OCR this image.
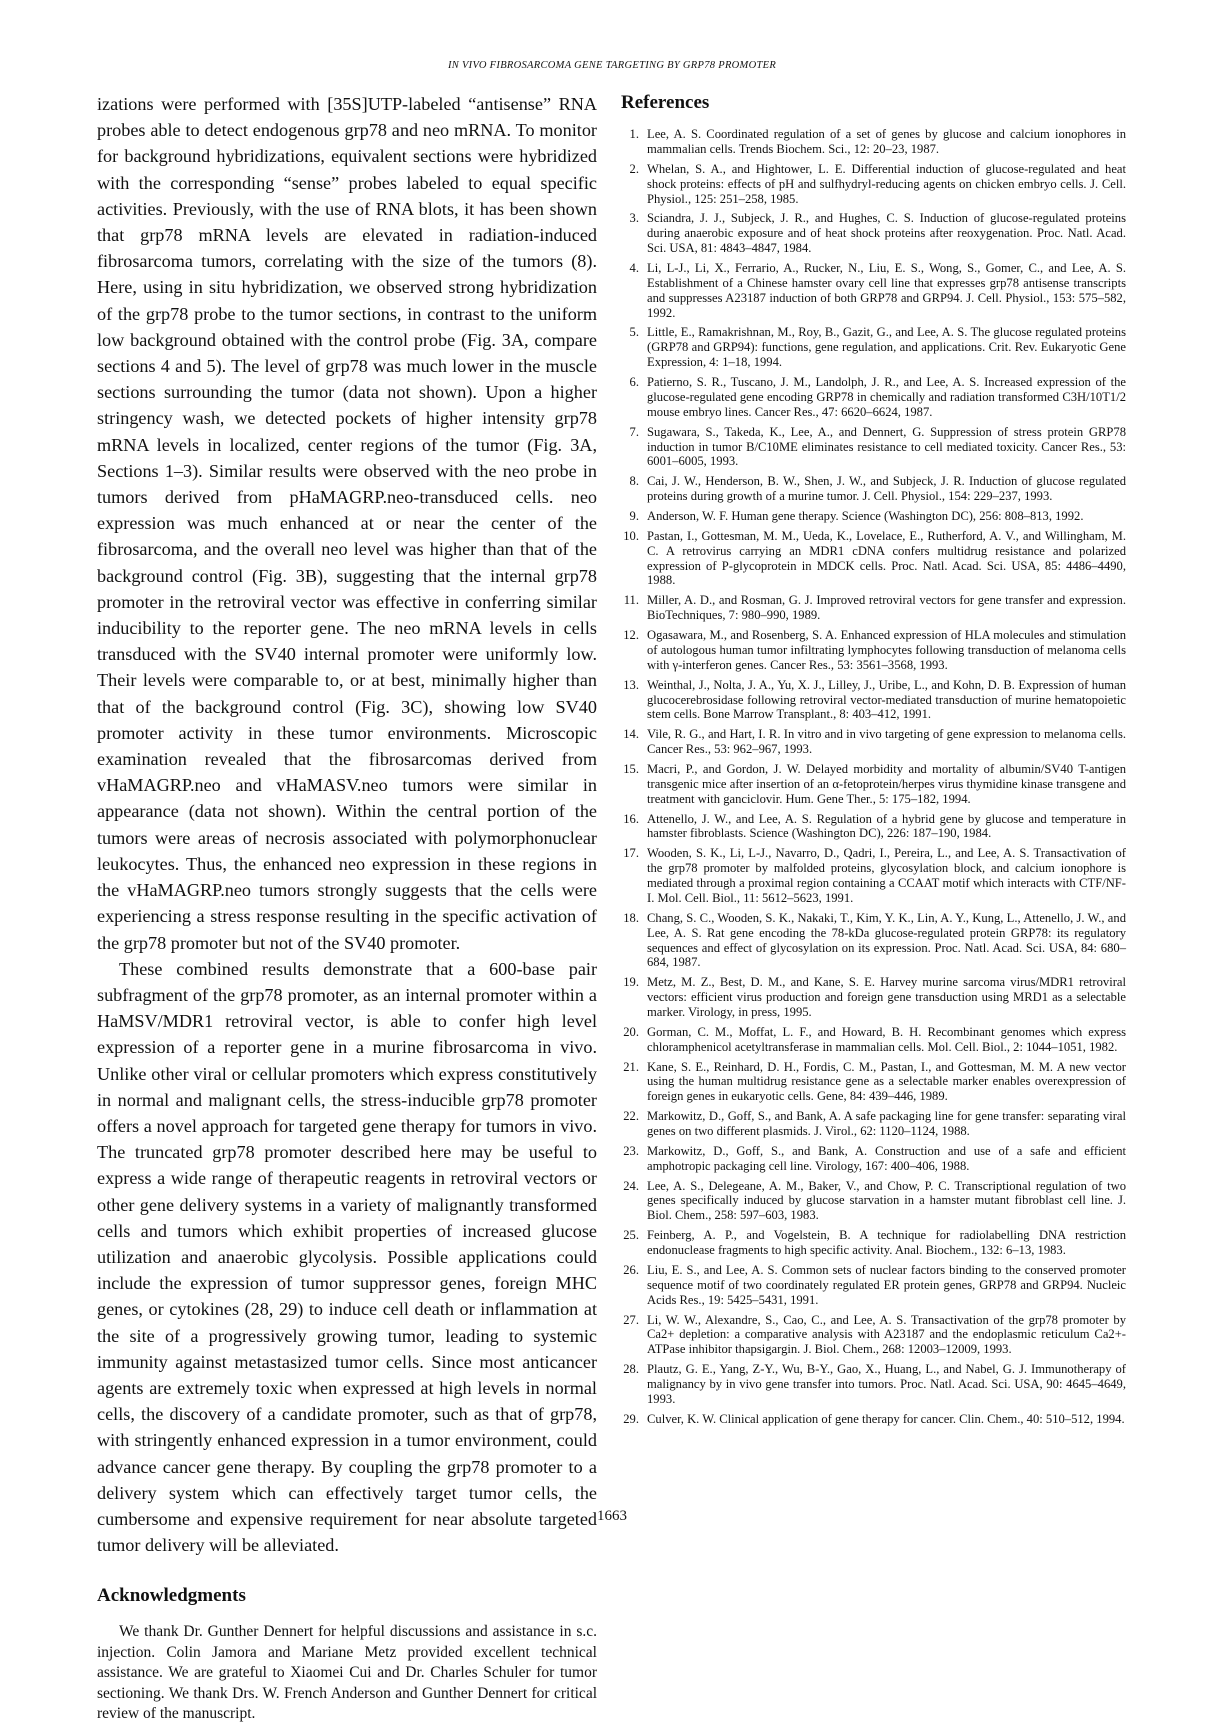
IN VIVO FIBROSARCOMA GENE TARGETING BY GRP78 PROMOTER

izations were performed with [35S]UTP-labeled “antisense” RNA probes able to detect endogenous grp78 and neo mRNA. To monitor for background hybridizations, equivalent sections were hybridized with the corresponding “sense” probes labeled to equal specific activities. Previously, with the use of RNA blots, it has been shown that grp78 mRNA levels are elevated in radiation-induced fibrosarcoma tumors, correlating with the size of the tumors (8). Here, using in situ hybridization, we observed strong hybridization of the grp78 probe to the tumor sections, in contrast to the uniform low background obtained with the control probe (Fig. 3A, compare sections 4 and 5). The level of grp78 was much lower in the muscle sections surrounding the tumor (data not shown). Upon a higher stringency wash, we detected pockets of higher intensity grp78 mRNA levels in localized, center regions of the tumor (Fig. 3A, Sections 1–3). Similar results were observed with the neo probe in tumors derived from pHaMAGRP.neo-transduced cells. neo expression was much enhanced at or near the center of the fibrosarcoma, and the overall neo level was higher than that of the background control (Fig. 3B), suggesting that the internal grp78 promoter in the retroviral vector was effective in conferring similar inducibility to the reporter gene. The neo mRNA levels in cells transduced with the SV40 internal promoter were uniformly low. Their levels were comparable to, or at best, minimally higher than that of the background control (Fig. 3C), showing low SV40 promoter activity in these tumor environments. Microscopic examination revealed that the fibrosarcomas derived from vHaMAGRP.neo and vHaMASV.neo tumors were similar in appearance (data not shown). Within the central portion of the tumors were areas of necrosis associated with polymorphonuclear leukocytes. Thus, the enhanced neo expression in these regions in the vHaMAGRP.neo tumors strongly suggests that the cells were experiencing a stress response resulting in the specific activation of the grp78 promoter but not of the SV40 promoter.

These combined results demonstrate that a 600-base pair subfragment of the grp78 promoter, as an internal promoter within a HaMSV/MDR1 retroviral vector, is able to confer high level expression of a reporter gene in a murine fibrosarcoma in vivo. Unlike other viral or cellular promoters which express constitutively in normal and malignant cells, the stress-inducible grp78 promoter offers a novel approach for targeted gene therapy for tumors in vivo. The truncated grp78 promoter described here may be useful to express a wide range of therapeutic reagents in retroviral vectors or other gene delivery systems in a variety of malignantly transformed cells and tumors which exhibit properties of increased glucose utilization and anaerobic glycolysis. Possible applications could include the expression of tumor suppressor genes, foreign MHC genes, or cytokines (28, 29) to induce cell death or inflammation at the site of a progressively growing tumor, leading to systemic immunity against metastasized tumor cells. Since most anticancer agents are extremely toxic when expressed at high levels in normal cells, the discovery of a candidate promoter, such as that of grp78, with stringently enhanced expression in a tumor environment, could advance cancer gene therapy. By coupling the grp78 promoter to a delivery system which can effectively target tumor cells, the cumbersome and expensive requirement for near absolute targeted tumor delivery will be alleviated.

Acknowledgments

We thank Dr. Gunther Dennert for helpful discussions and assistance in s.c. injection. Colin Jamora and Mariane Metz provided excellent technical assistance. We are grateful to Xiaomei Cui and Dr. Charles Schuler for tumor sectioning. We thank Drs. W. French Anderson and Gunther Dennert for critical review of the manuscript.

References
1. Lee, A. S. Coordinated regulation of a set of genes by glucose and calcium ionophores in mammalian cells. Trends Biochem. Sci., 12: 20–23, 1987.
2. Whelan, S. A., and Hightower, L. E. Differential induction of glucose-regulated and heat shock proteins: effects of pH and sulfhydryl-reducing agents on chicken embryo cells. J. Cell. Physiol., 125: 251–258, 1985.
3. Sciandra, J. J., Subjeck, J. R., and Hughes, C. S. Induction of glucose-regulated proteins during anaerobic exposure and of heat shock proteins after reoxygenation. Proc. Natl. Acad. Sci. USA, 81: 4843–4847, 1984.
4. Li, L-J., Li, X., Ferrario, A., Rucker, N., Liu, E. S., Wong, S., Gomer, C., and Lee, A. S. Establishment of a Chinese hamster ovary cell line that expresses grp78 antisense transcripts and suppresses A23187 induction of both GRP78 and GRP94. J. Cell. Physiol., 153: 575–582, 1992.
5. Little, E., Ramakrishnan, M., Roy, B., Gazit, G., and Lee, A. S. The glucose regulated proteins (GRP78 and GRP94): functions, gene regulation, and applications. Crit. Rev. Eukaryotic Gene Expression, 4: 1–18, 1994.
6. Patierno, S. R., Tuscano, J. M., Landolph, J. R., and Lee, A. S. Increased expression of the glucose-regulated gene encoding GRP78 in chemically and radiation transformed C3H/10T1/2 mouse embryo lines. Cancer Res., 47: 6620–6624, 1987.
7. Sugawara, S., Takeda, K., Lee, A., and Dennert, G. Suppression of stress protein GRP78 induction in tumor B/C10ME eliminates resistance to cell mediated toxicity. Cancer Res., 53: 6001–6005, 1993.
8. Cai, J. W., Henderson, B. W., Shen, J. W., and Subjeck, J. R. Induction of glucose regulated proteins during growth of a murine tumor. J. Cell. Physiol., 154: 229–237, 1993.
9. Anderson, W. F. Human gene therapy. Science (Washington DC), 256: 808–813, 1992.
10. Pastan, I., Gottesman, M. M., Ueda, K., Lovelace, E., Rutherford, A. V., and Willingham, M. C. A retrovirus carrying an MDR1 cDNA confers multidrug resistance and polarized expression of P-glycoprotein in MDCK cells. Proc. Natl. Acad. Sci. USA, 85: 4486–4490, 1988.
11. Miller, A. D., and Rosman, G. J. Improved retroviral vectors for gene transfer and expression. BioTechniques, 7: 980–990, 1989.
12. Ogasawara, M., and Rosenberg, S. A. Enhanced expression of HLA molecules and stimulation of autologous human tumor infiltrating lymphocytes following transduction of melanoma cells with γ-interferon genes. Cancer Res., 53: 3561–3568, 1993.
13. Weinthal, J., Nolta, J. A., Yu, X. J., Lilley, J., Uribe, L., and Kohn, D. B. Expression of human glucocerebrosidase following retroviral vector-mediated transduction of murine hematopoietic stem cells. Bone Marrow Transplant., 8: 403–412, 1991.
14. Vile, R. G., and Hart, I. R. In vitro and in vivo targeting of gene expression to melanoma cells. Cancer Res., 53: 962–967, 1993.
15. Macri, P., and Gordon, J. W. Delayed morbidity and mortality of albumin/SV40 T-antigen transgenic mice after insertion of an α-fetoprotein/herpes virus thymidine kinase transgene and treatment with ganciclovir. Hum. Gene Ther., 5: 175–182, 1994.
16. Attenello, J. W., and Lee, A. S. Regulation of a hybrid gene by glucose and temperature in hamster fibroblasts. Science (Washington DC), 226: 187–190, 1984.
17. Wooden, S. K., Li, L-J., Navarro, D., Qadri, I., Pereira, L., and Lee, A. S. Transactivation of the grp78 promoter by malfolded proteins, glycosylation block, and calcium ionophore is mediated through a proximal region containing a CCAAT motif which interacts with CTF/NF-I. Mol. Cell. Biol., 11: 5612–5623, 1991.
18. Chang, S. C., Wooden, S. K., Nakaki, T., Kim, Y. K., Lin, A. Y., Kung, L., Attenello, J. W., and Lee, A. S. Rat gene encoding the 78-kDa glucose-regulated protein GRP78: its regulatory sequences and effect of glycosylation on its expression. Proc. Natl. Acad. Sci. USA, 84: 680–684, 1987.
19. Metz, M. Z., Best, D. M., and Kane, S. E. Harvey murine sarcoma virus/MDR1 retroviral vectors: efficient virus production and foreign gene transduction using MRD1 as a selectable marker. Virology, in press, 1995.
20. Gorman, C. M., Moffat, L. F., and Howard, B. H. Recombinant genomes which express chloramphenicol acetyltransferase in mammalian cells. Mol. Cell. Biol., 2: 1044–1051, 1982.
21. Kane, S. E., Reinhard, D. H., Fordis, C. M., Pastan, I., and Gottesman, M. M. A new vector using the human multidrug resistance gene as a selectable marker enables overexpression of foreign genes in eukaryotic cells. Gene, 84: 439–446, 1989.
22. Markowitz, D., Goff, S., and Bank, A. A safe packaging line for gene transfer: separating viral genes on two different plasmids. J. Virol., 62: 1120–1124, 1988.
23. Markowitz, D., Goff, S., and Bank, A. Construction and use of a safe and efficient amphotropic packaging cell line. Virology, 167: 400–406, 1988.
24. Lee, A. S., Delegeane, A. M., Baker, V., and Chow, P. C. Transcriptional regulation of two genes specifically induced by glucose starvation in a hamster mutant fibroblast cell line. J. Biol. Chem., 258: 597–603, 1983.
25. Feinberg, A. P., and Vogelstein, B. A technique for radiolabelling DNA restriction endonuclease fragments to high specific activity. Anal. Biochem., 132: 6–13, 1983.
26. Liu, E. S., and Lee, A. S. Common sets of nuclear factors binding to the conserved promoter sequence motif of two coordinately regulated ER protein genes, GRP78 and GRP94. Nucleic Acids Res., 19: 5425–5431, 1991.
27. Li, W. W., Alexandre, S., Cao, C., and Lee, A. S. Transactivation of the grp78 promoter by Ca2+ depletion: a comparative analysis with A23187 and the endoplasmic reticulum Ca2+-ATPase inhibitor thapsigargin. J. Biol. Chem., 268: 12003–12009, 1993.
28. Plautz, G. E., Yang, Z-Y., Wu, B-Y., Gao, X., Huang, L., and Nabel, G. J. Immunotherapy of malignancy by in vivo gene transfer into tumors. Proc. Natl. Acad. Sci. USA, 90: 4645–4649, 1993.
29. Culver, K. W. Clinical application of gene therapy for cancer. Clin. Chem., 40: 510–512, 1994.
1663
